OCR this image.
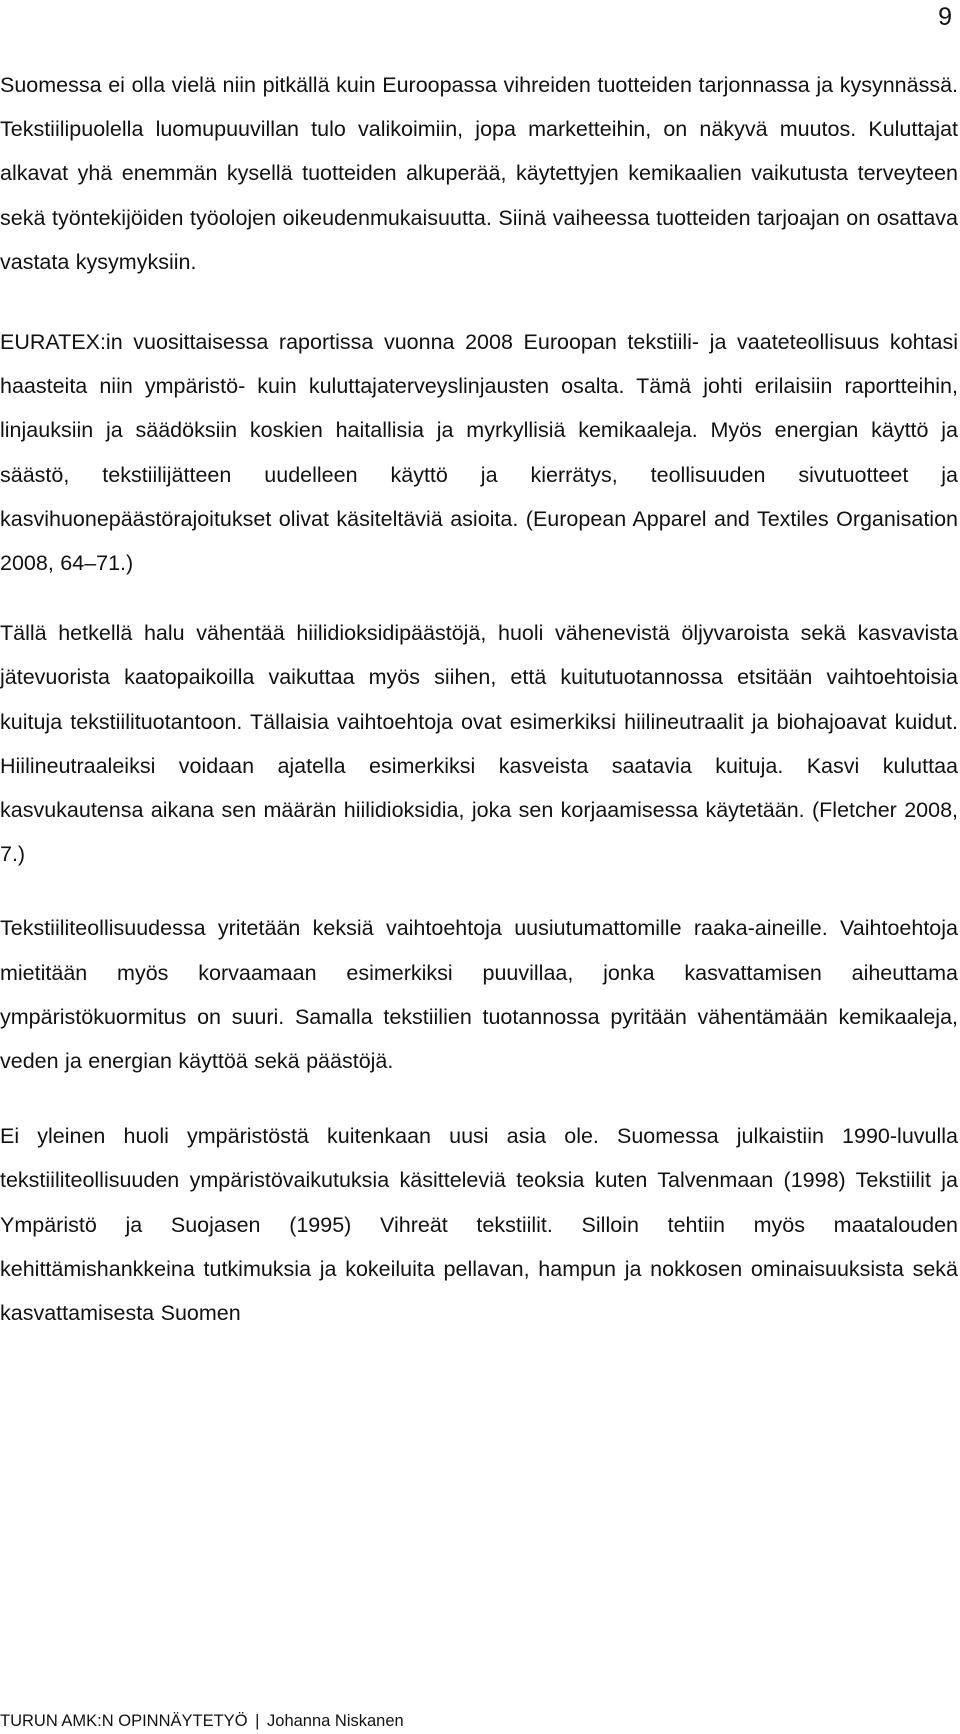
9

Suomessa ei olla vielä niin pitkällä kuin Euroopassa vihreiden tuotteiden tarjonnassa ja kysynnässä. Tekstiilipuolella luomupuuvillan tulo valikoimiin, jopa marketteihin, on näkyvä muutos. Kuluttajat alkavat yhä enemmän kysellä tuotteiden alkuperää, käytettyjen kemikaalien vaikutusta terveyteen sekä työntekijöiden työolojen oikeudenmukaisuutta. Siinä vaiheessa tuotteiden tarjoajan on osattava vastata kysymyksiin.

EURATEX:in vuosittaisessa raportissa vuonna 2008 Euroopan tekstiili- ja vaateteollisuus kohtasi haasteita niin ympäristö- kuin kuluttajaterveyslinjausten osalta. Tämä johti erilaisiin raportteihin, linjauksiin ja säädöksiin koskien haitallisia ja myrkyllisiä kemikaaleja. Myös energian käyttö ja säästö, tekstiilijätteen uudelleen käyttö ja kierrätys, teollisuuden sivutuotteet ja kasvihuonepäästörajoitukset olivat käsiteltäviä asioita. (European Apparel and Textiles Organisation 2008, 64–71.)

Tällä hetkellä halu vähentää hiilidioksidipäästöjä, huoli vähenevistä öljyvaroista sekä kasvavista jätevuorista kaatopaikoilla vaikuttaa myös siihen, että kuitutuotannossa etsitään vaihtoehtoisia kuituja tekstiilituotantoon. Tällaisia vaihtoehtoja ovat esimerkiksi hiilineutraalit ja biohajoavat kuidut. Hiilineutraaleiksi voidaan ajatella esimerkiksi kasveista saatavia kuituja. Kasvi kuluttaa kasvukautensa aikana sen määrän hiilidioksidia, joka sen korjaamisessa käytetään. (Fletcher 2008, 7.)

Tekstiiliteollisuudessa yritetään keksiä vaihtoehtoja uusiutumattomille raaka-aineille. Vaihtoehtoja mietitään myös korvaamaan esimerkiksi puuvillaa, jonka kasvattamisen aiheuttama ympäristökuormitus on suuri. Samalla tekstiilien tuotannossa pyritään vähentämään kemikaaleja, veden ja energian käyttöä sekä päästöjä.

Ei yleinen huoli ympäristöstä kuitenkaan uusi asia ole. Suomessa julkaistiin 1990-luvulla tekstiiliteollisuuden ympäristövaikutuksia käsitteleviä teoksia kuten Talvenmaan (1998) Tekstiilit ja Ympäristö ja Suojasen (1995) Vihreät tekstiilit. Silloin tehtiin myös maatalouden kehittämishankkeina tutkimuksia ja kokeiluita pellavan, hampun ja nokkosen ominaisuuksista sekä kasvattamisesta Suomen

TURUN AMK:N OPINNÄYTETYÖ | Johanna Niskanen
